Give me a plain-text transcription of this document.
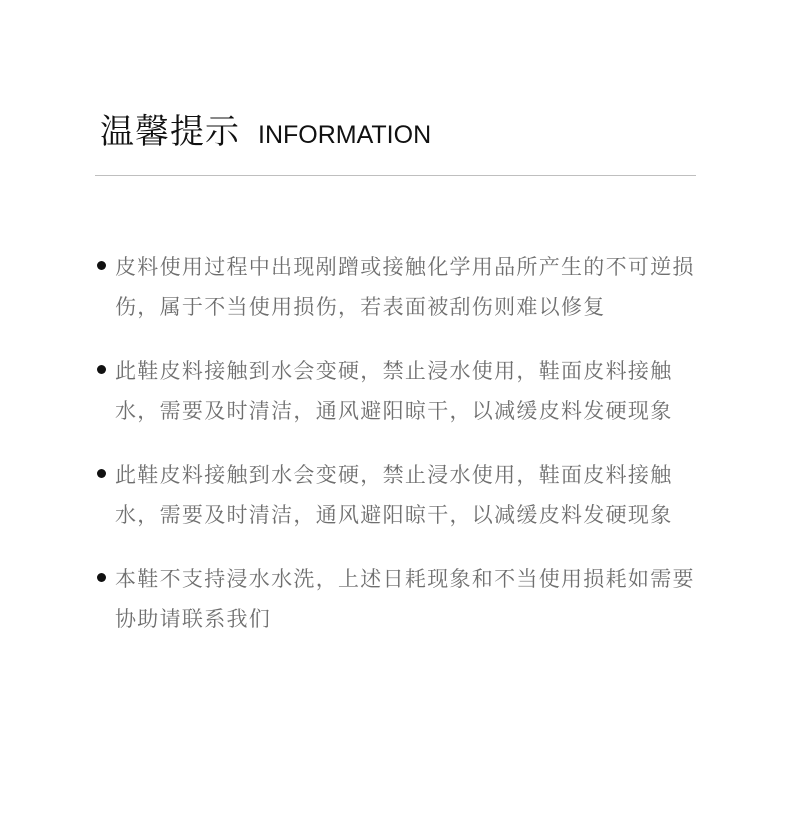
温馨提示 INFORMATION
皮料使用过程中出现剐蹭或接触化学用品所产生的不可逆损伤，属于不当使用损伤，若表面被刮伤则难以修复
此鞋皮料接触到水会变硬，禁止浸水使用，鞋面皮料接触水，需要及时清洁，通风避阳晾干，以减缓皮料发硬现象
此鞋皮料接触到水会变硬，禁止浸水使用，鞋面皮料接触水，需要及时清洁，通风避阳晾干，以减缓皮料发硬现象
本鞋不支持浸水水洗，上述日耗现象和不当使用损耗如需要协助请联系我们
